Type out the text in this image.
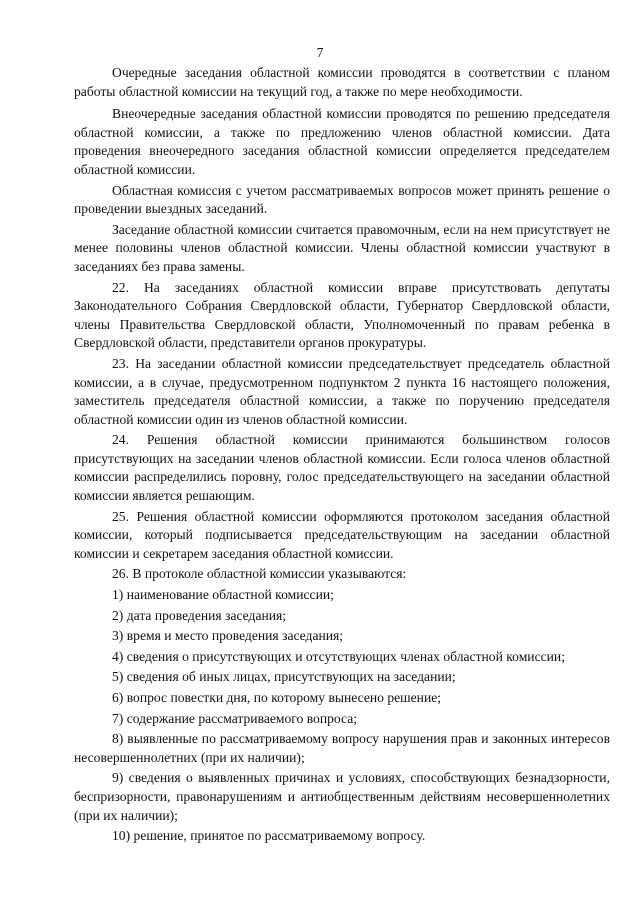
7

Очередные заседания областной комиссии проводятся в соответствии с планом работы областной комиссии на текущий год, а также по мере необходимости.

Внеочередные заседания областной комиссии проводятся по решению председателя областной комиссии, а также по предложению членов областной комиссии. Дата проведения внеочередного заседания областной комиссии определяется председателем областной комиссии.

Областная комиссия с учетом рассматриваемых вопросов может принять решение о проведении выездных заседаний.

Заседание областной комиссии считается правомочным, если на нем присутствует не менее половины членов областной комиссии. Члены областной комиссии участвуют в заседаниях без права замены.

22. На заседаниях областной комиссии вправе присутствовать депутаты Законодательного Собрания Свердловской области, Губернатор Свердловской области, члены Правительства Свердловской области, Уполномоченный по правам ребенка в Свердловской области, представители органов прокуратуры.

23. На заседании областной комиссии председательствует председатель областной комиссии, а в случае, предусмотренном подпунктом 2 пункта 16 настоящего положения, заместитель председателя областной комиссии, а также по поручению председателя областной комиссии один из членов областной комиссии.

24. Решения областной комиссии принимаются большинством голосов присутствующих на заседании членов областной комиссии. Если голоса членов областной комиссии распределились поровну, голос председательствующего на заседании областной комиссии является решающим.

25. Решения областной комиссии оформляются протоколом заседания областной комиссии, который подписывается председательствующим на заседании областной комиссии и секретарем заседания областной комиссии.

26. В протоколе областной комиссии указываются:

1) наименование областной комиссии;

2) дата проведения заседания;

3) время и место проведения заседания;

4) сведения о присутствующих и отсутствующих членах областной комиссии;

5) сведения об иных лицах, присутствующих на заседании;

6) вопрос повестки дня, по которому вынесено решение;

7) содержание рассматриваемого вопроса;

8) выявленные по рассматриваемому вопросу нарушения прав и законных интересов несовершеннолетних (при их наличии);

9) сведения о выявленных причинах и условиях, способствующих безнадзорности, беспризорности, правонарушениям и антиобщественным действиям несовершеннолетних (при их наличии);

10) решение, принятое по рассматриваемому вопросу.
